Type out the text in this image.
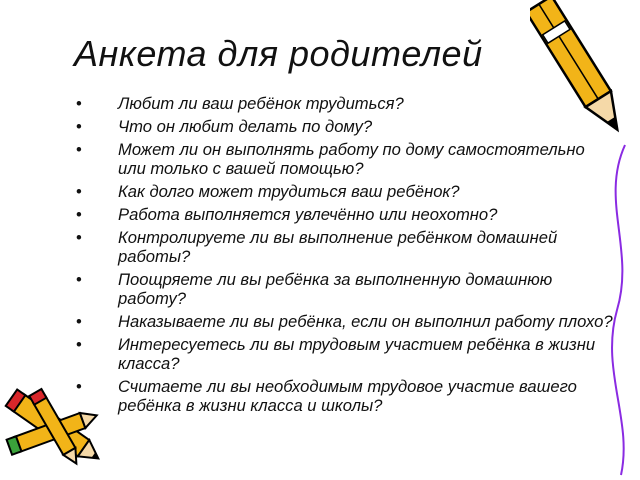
Анкета для родителей
• Любит ли ваш ребёнок трудиться?
• Что он любит делать по дому?
• Может ли он выполнять работу по дому самостоятельно или только с вашей помощью?
• Как долго может трудиться ваш ребёнок?
• Работа выполняется увлечённо или неохотно?
• Контролируете ли вы выполнение ребёнком домашней работы?
• Поощряете ли вы ребёнка за выполненную домашнюю работу?
• Наказываете ли вы ребёнка, если он выполнил работу плохо?
• Интересуетесь ли вы трудовым участием ребёнка в жизни класса?
• Считаете ли вы необходимым трудовое участие вашего ребёнка в жизни класса и школы?
